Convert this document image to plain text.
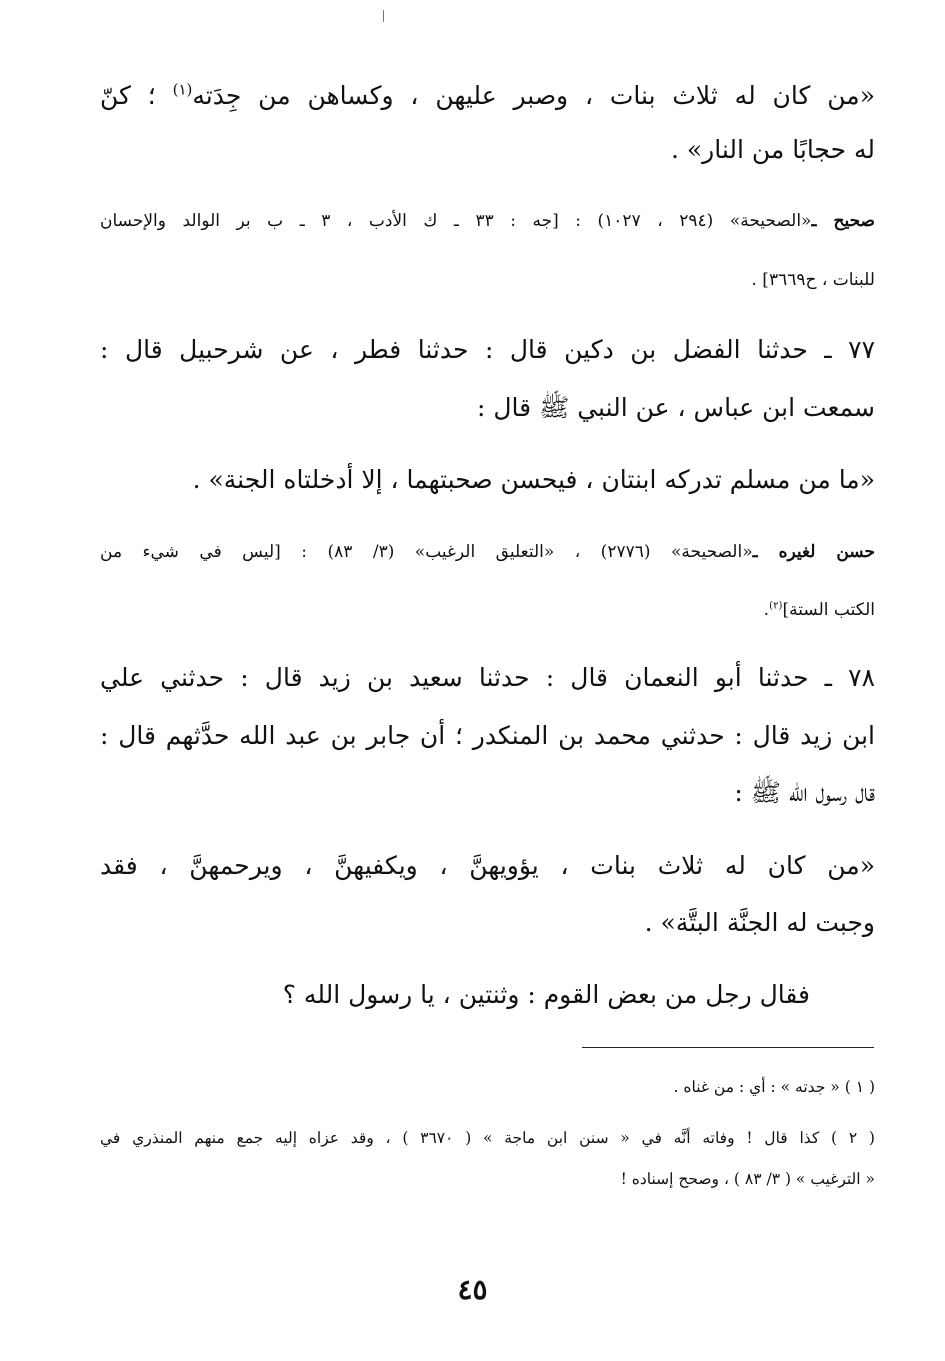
«من كان له ثلاث بنات ، وصبر عليهن ، وكساهن من جِدَته$^{(١)}$ ؛ كنّ
له حجابًا من النار» .
صحيح ـ«الصحيحة» (٢٩٤ ، ١٠٢٧) : [جه : ٣٣ ـ ك الأدب ، ٣ ـ ب بر الوالد والإحسان
للبنات ، ح٣٦٦٩] .
٧٧ ـ حدثنا الفضل بن دكين قال : حدثنا فطر ، عن شرحبيل قال :
سمعت ابن عباس ، عن النبي ﷺ قال :
«ما من مسلم تدركه ابنتان ، فيحسن صحبتهما ، إلا أدخلتاه الجنة» .
حسن لغيره ـ«الصحيحة» (٢٧٧٦) ، «التعليق الرغيب» (٣/ ٨٣) : [ليس في شيء من
الكتب الستة]$^{(٢)}$.
٧٨ ـ حدثنا أبو النعمان قال : حدثنا سعيد بن زيد قال : حدثني علي
ابن زيد قال : حدثني محمد بن المنكدر ؛ أن جابر بن عبد الله حدَّثهم قال :
قال رسول الله ﷺ :
«من كان له ثلاث بنات ، يؤويهنَّ ، ويكفيهنَّ ، ويرحمهنَّ ، فقد
وجبت له الجنَّة البتَّة» .
فقال رجل من بعض القوم : وثنتين ، يا رسول الله ؟
( ١ ) « جدته » : أي : من غناه .
( ٢ ) كذا قال ! وفاته أنَّه في « سنن ابن ماجة » ( ٣٦٧٠ ) ، وقد عزاه إليه جمع منهم المنذري في
« الترغيب » ( ٣/ ٨٣ ) ، وصحح إسناده !
٤٥
